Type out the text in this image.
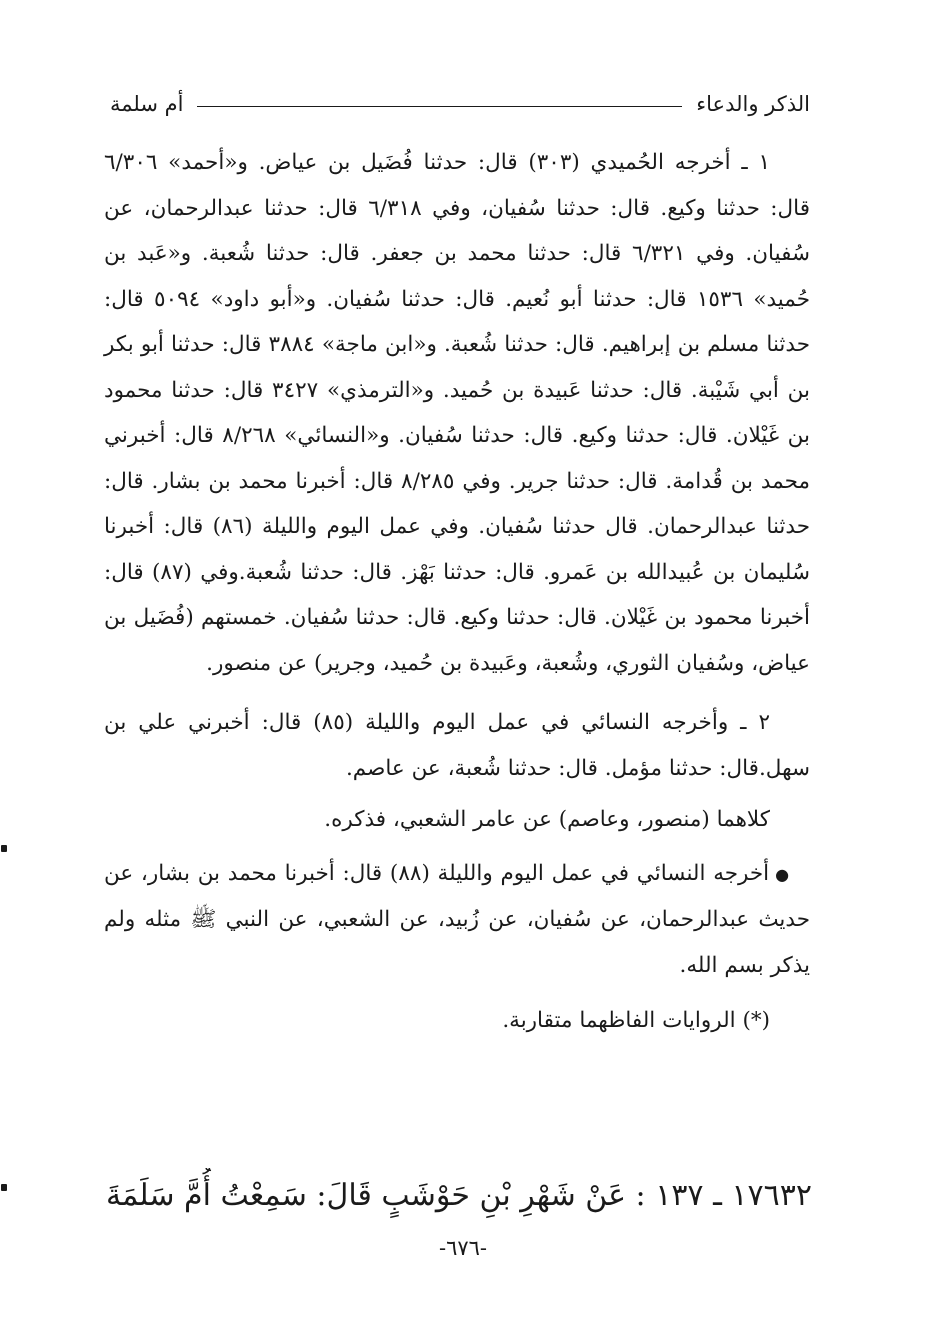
الذكر والدعاء
أم سلمة

١ ـ أخرجه الحُميدي (٣٠٣) قال: حدثنا فُضَيل بن عياض. و«أحمد» ٦/٣٠٦ قال: حدثنا وكيع. قال: حدثنا سُفيان، وفي ٦/٣١٨ قال: حدثنا عبدالرحمان، عن سُفيان. وفي ٦/٣٢١ قال: حدثنا محمد بن جعفر. قال: حدثنا شُعبة. و«عَبد بن حُميد» ١٥٣٦ قال: حدثنا أبو نُعيم. قال: حدثنا سُفيان. و«أبو داود» ٥٠٩٤ قال: حدثنا مسلم بن إبراهيم. قال: حدثنا شُعبة. و«ابن ماجة» ٣٨٨٤ قال: حدثنا أبو بكر بن أبي شَيْبة. قال: حدثنا عَبيدة بن حُميد. و«الترمذي» ٣٤٢٧ قال: حدثنا محمود بن غَيْلان. قال: حدثنا وكيع. قال: حدثنا سُفيان. و«النسائي» ٨/٢٦٨ قال: أخبرني محمد بن قُدامة. قال: حدثنا جرير. وفي ٨/٢٨٥ قال: أخبرنا محمد بن بشار. قال: حدثنا عبدالرحمان. قال حدثنا سُفيان. وفي عمل اليوم والليلة (٨٦) قال: أخبرنا سُليمان بن عُبيدالله بن عَمرو. قال: حدثنا بَهْز. قال: حدثنا شُعبة.وفي (٨٧) قال: أخبرنا محمود بن غَيْلان. قال: حدثنا وكيع. قال: حدثنا سُفيان. خمستهم (فُضَيل بن عياض، وسُفيان الثوري، وشُعبة، وعَبيدة بن حُميد، وجرير) عن منصور.

٢ ـ وأخرجه النسائي في عمل اليوم والليلة (٨٥) قال: أخبرني علي بن سهل.قال: حدثنا مؤمل. قال: حدثنا شُعبة، عن عاصم.

كلاهما (منصور، وعاصم) عن عامر الشعبي، فذكره.

●أخرجه النسائي في عمل اليوم والليلة (٨٨) قال: أخبرنا محمد بن بشار، عن حديث عبدالرحمان، عن سُفيان، عن زُبيد، عن الشعبي، عن النبي ﷺ مثله ولم يذكر بسم الله.

(*) الروايات الفاظهما متقاربة.

١٧٦٣٢ ـ ١٣٧ : عَنْ شَهْرِ بْنِ حَوْشَبٍ قَالَ: سَمِعْتُ أُمَّ سَلَمَةَ
-٦٧٦-
